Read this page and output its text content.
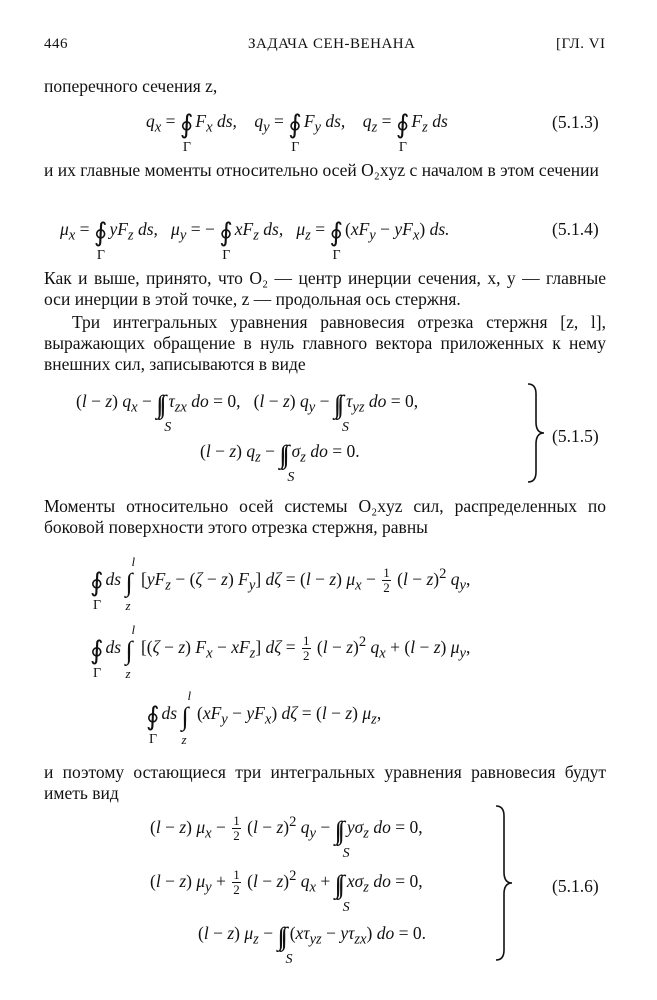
446	ЗАДАЧА СЕН-ВЕНАНА	[ГЛ. VI

поперечного сечения z,

$q_x$ = ∮
Γ
$F_x$ ds,    $q_y$ = ∮
Γ
$F_y$ ds,    $q_z$ = ∮
Γ
$F_z$ ds	(5.1.3)

и их главные моменты относительно осей O₂xyz с началом в этом сечении

$\mu_x$ = ∮
Γ
$yF_z$ ds,   $\mu_y$ = − ∮
Γ
$xF_z$ ds,   $\mu_z$ = ∮
Γ
$(xF_y - yF_x)$ ds.	(5.1.4)

Как и выше, принято, что O₂ — центр инерции сечения, x, y — главные оси инерции в этой точке, z — продольная ось стержня.

Три интегральных уравнения равновесия отрезка стержня [z, l], выражающих обращение в нуль главного вектора приложенных к нему внешних сил, записываются в виде

(l − z) $q_x$ − ∫∫
S
$\tau_{zx}$ do = 0, (l − z) $q_y$ − ∫∫
S
$\tau_{yz}$ do = 0,
(l − z) $q_z$ − ∫∫
S
$\sigma_z$ do = 0.
(5.1.5)

Моменты относительно осей системы O₂xyz сил, распределенных по боковой поверхности этого отрезка стержня, равны

∮
Γ
ds ∫
l
z
[$yF_z - (\zeta - z)$ $F_y$] dζ = (l − z) $\mu_x - \frac{1}{2} (l - z)^2$ $q_y$,
∮
Γ
ds ∫
l
z
[(ζ − z) $F_x - xF_z$] $d\zeta = \frac{1}{2} (l - z)^2$ $q_x + (l - z)$ $\mu_y$,
∮
Γ
ds ∫
l
z
$(xF_y - yF_x) d\zeta = (l - z)$ $\mu_z$,

и поэтому остающиеся три интегральных уравнения равновесия будут иметь вид

(l − z) $\mu_x - \frac{1}{2} (l - z)^2$ $q_y$ − ∫∫
S
$y\sigma_z$ do = 0,
(l − z) $\mu_y + \frac{1}{2} (l - z)^2$ $q_x$ + ∫∫
S
$x\sigma_z$ do = 0,
(l − z) $\mu_z$ − ∫∫
S
$(x\tau_{yz} - y\tau_{zx})$ do = 0.
(5.1.6)
